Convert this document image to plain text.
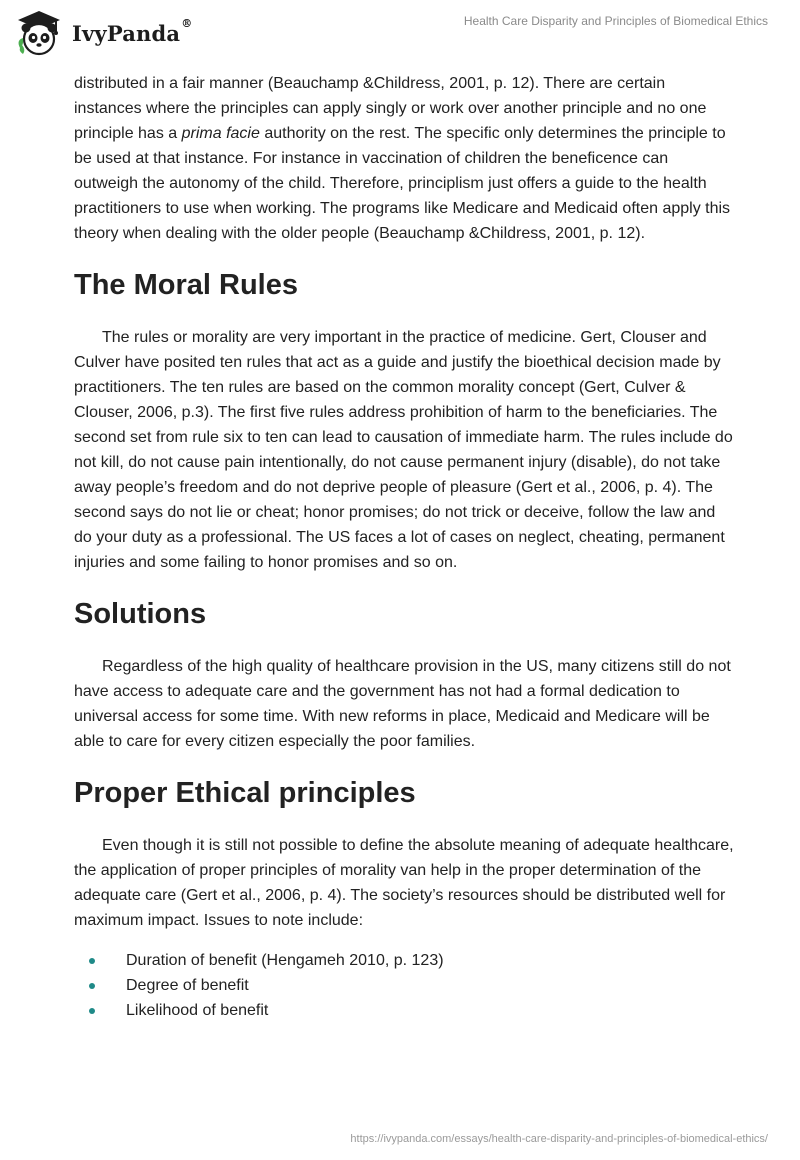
IvyPanda®	Health Care Disparity and Principles of Biomedical Ethics

distributed in a fair manner (Beauchamp &Childress, 2001, p. 12). There are certain instances where the principles can apply singly or work over another principle and no one principle has a prima facie authority on the rest. The specific only determines the principle to be used at that instance. For instance in vaccination of children the beneficence can outweigh the autonomy of the child. Therefore, principlism just offers a guide to the health practitioners to use when working. The programs like Medicare and Medicaid often apply this theory when dealing with the older people (Beauchamp &Childress, 2001, p. 12).

The Moral Rules

The rules or morality are very important in the practice of medicine. Gert, Clouser and Culver have posited ten rules that act as a guide and justify the bioethical decision made by practitioners. The ten rules are based on the common morality concept (Gert, Culver & Clouser, 2006, p.3). The first five rules address prohibition of harm to the beneficiaries. The second set from rule six to ten can lead to causation of immediate harm. The rules include do not kill, do not cause pain intentionally, do not cause permanent injury (disable), do not take away people’s freedom and do not deprive people of pleasure (Gert et al., 2006, p. 4). The second says do not lie or cheat; honor promises; do not trick or deceive, follow the law and do your duty as a professional. The US faces a lot of cases on neglect, cheating, permanent injuries and some failing to honor promises and so on.

Solutions

Regardless of the high quality of healthcare provision in the US, many citizens still do not have access to adequate care and the government has not had a formal dedication to universal access for some time. With new reforms in place, Medicaid and Medicare will be able to care for every citizen especially the poor families.

Proper Ethical principles

Even though it is still not possible to define the absolute meaning of adequate healthcare, the application of proper principles of morality van help in the proper determination of the adequate care (Gert et al., 2006, p. 4). The society’s resources should be distributed well for maximum impact. Issues to note include:

Duration of benefit (Hengameh 2010, p. 123)
Degree of benefit
Likelihood of benefit
https://ivypanda.com/essays/health-care-disparity-and-principles-of-biomedical-ethics/
